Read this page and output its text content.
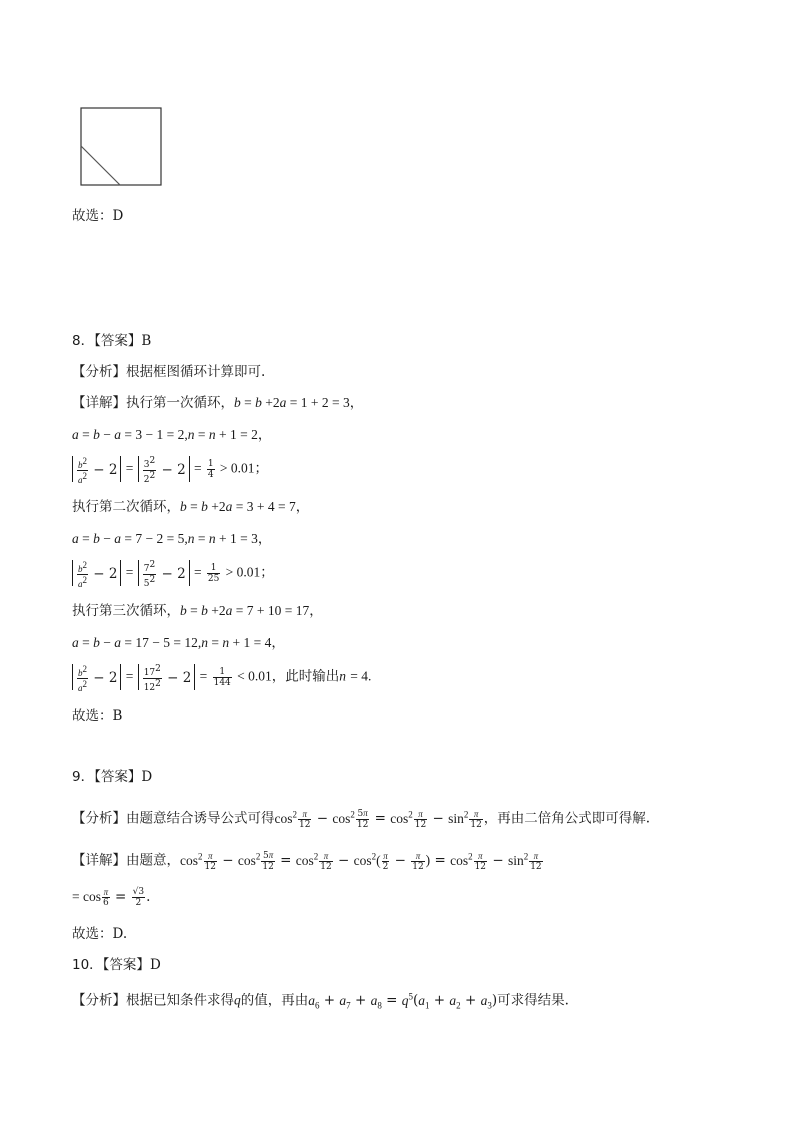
故选：D
8．【答案】B
【分析】根据框图循环计算即可.
【详解】执行第一次循环，b = b +2a = 1 + 2 = 3，
a = b − a = 3 − 1 = 2,n = n + 1 = 2，
$\frac{b^2}{a^2} - 2 = \frac{3^2}{2^2} - 2 = \frac{1}{4} > 0.01$；
执行第二次循环，b = b +2a = 3 + 4 = 7，
a = b − a = 7 − 2 = 5,n = n + 1 = 3，
$\frac{b^2}{a^2} - 2 = \frac{7^2}{5^2} - 2 = \frac{1}{25} > 0.01$；
执行第三次循环，b = b +2a = 7 + 10 = 17，
a = b − a = 17 − 5 = 12,n = n + 1 = 4，
$\frac{b^2}{a^2} - 2 = \frac{17^2}{12^2} - 2 = \frac{1}{144} < 0.01$，此时输出n = 4.
故选：B
9．【答案】D
【分析】由题意结合诱导公式可得$\cos^2 \frac{\pi}{12} - \cos^2 \frac{5\pi}{12} = \cos^2 \frac{\pi}{12} - \sin^2 \frac{\pi}{12}$ ，再由二倍角公式即可得解.
【详解】由题意，$\cos^2 \frac{\pi}{12} - \cos^2 \frac{5\pi}{12} = \cos^2 \frac{\pi}{12} - \cos^2( \frac{\pi}{2} - \frac{\pi}{12}$ ) = $\cos^2 \frac{\pi}{12} - \sin^2 \frac{\pi}{12}$
= $\cos \frac{\pi}{6} = \frac{√3}{2}$ .
故选：D.
10．【答案】D
【分析】根据已知条件求得q的值，再由$a_6 + a_7 + a_8 = q^5(a_1 + a_2 + a_3)$可求得结果.
